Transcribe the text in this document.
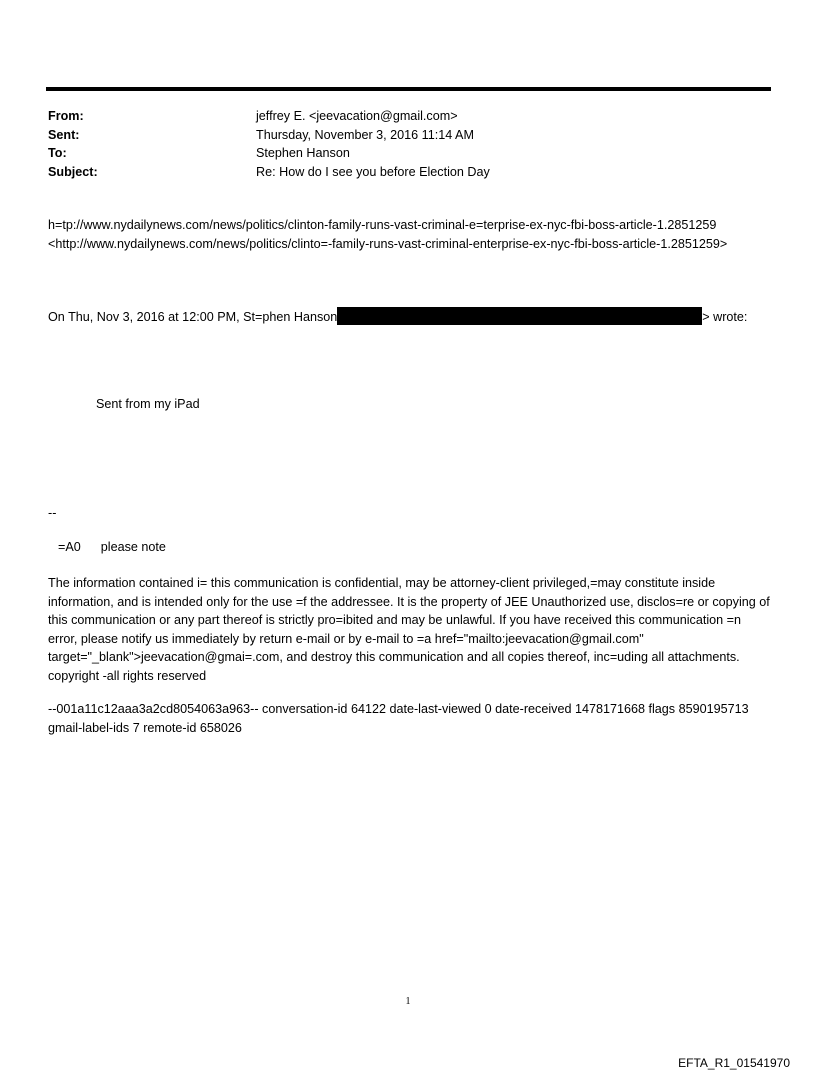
From:	jeffrey E. <jeevacation@gmail.com>
Sent:	Thursday, November 3, 2016 11:14 AM
To:	Stephen Hanson
Subject:	Re: How do I see you before Election Day
h=tp://www.nydailynews.com/news/politics/clinton-family-runs-vast-criminal-e=terprise-ex-nyc-fbi-boss-article-1.2851259 <http://www.nydailynews.com/news/politics/clinto=-family-runs-vast-criminal-enterprise-ex-nyc-fbi-boss-article-1.2851259>
On Thu, Nov 3, 2016 at 12:00 PM, St=phen Hanson	> wrote:
Sent from my iPad
--
=A0 please note
The information contained i= this communication is confidential, may be attorney-client privileged,=may constitute inside information, and is intended only for the use =f the addressee. It is the property of JEE Unauthorized use, disclos=re or copying of this communication or any part thereof is strictly pro=ibited and may be unlawful. If you have received this communication =n error, please notify us immediately by return e-mail or by e-mail to =a href="mailto:jeevacation@gmail.com" target="_blank">jeevacation@gmai=.com, and destroy this communication and all copies thereof, inc=uding all attachments. copyright -all rights reserved
--001a11c12aaa3a2cd8054063a963-- conversation-id 64122 date-last-viewed 0 date-received 1478171668 flags 8590195713 gmail-label-ids 7 remote-id 658026
1
EFTA_R1_01541970
